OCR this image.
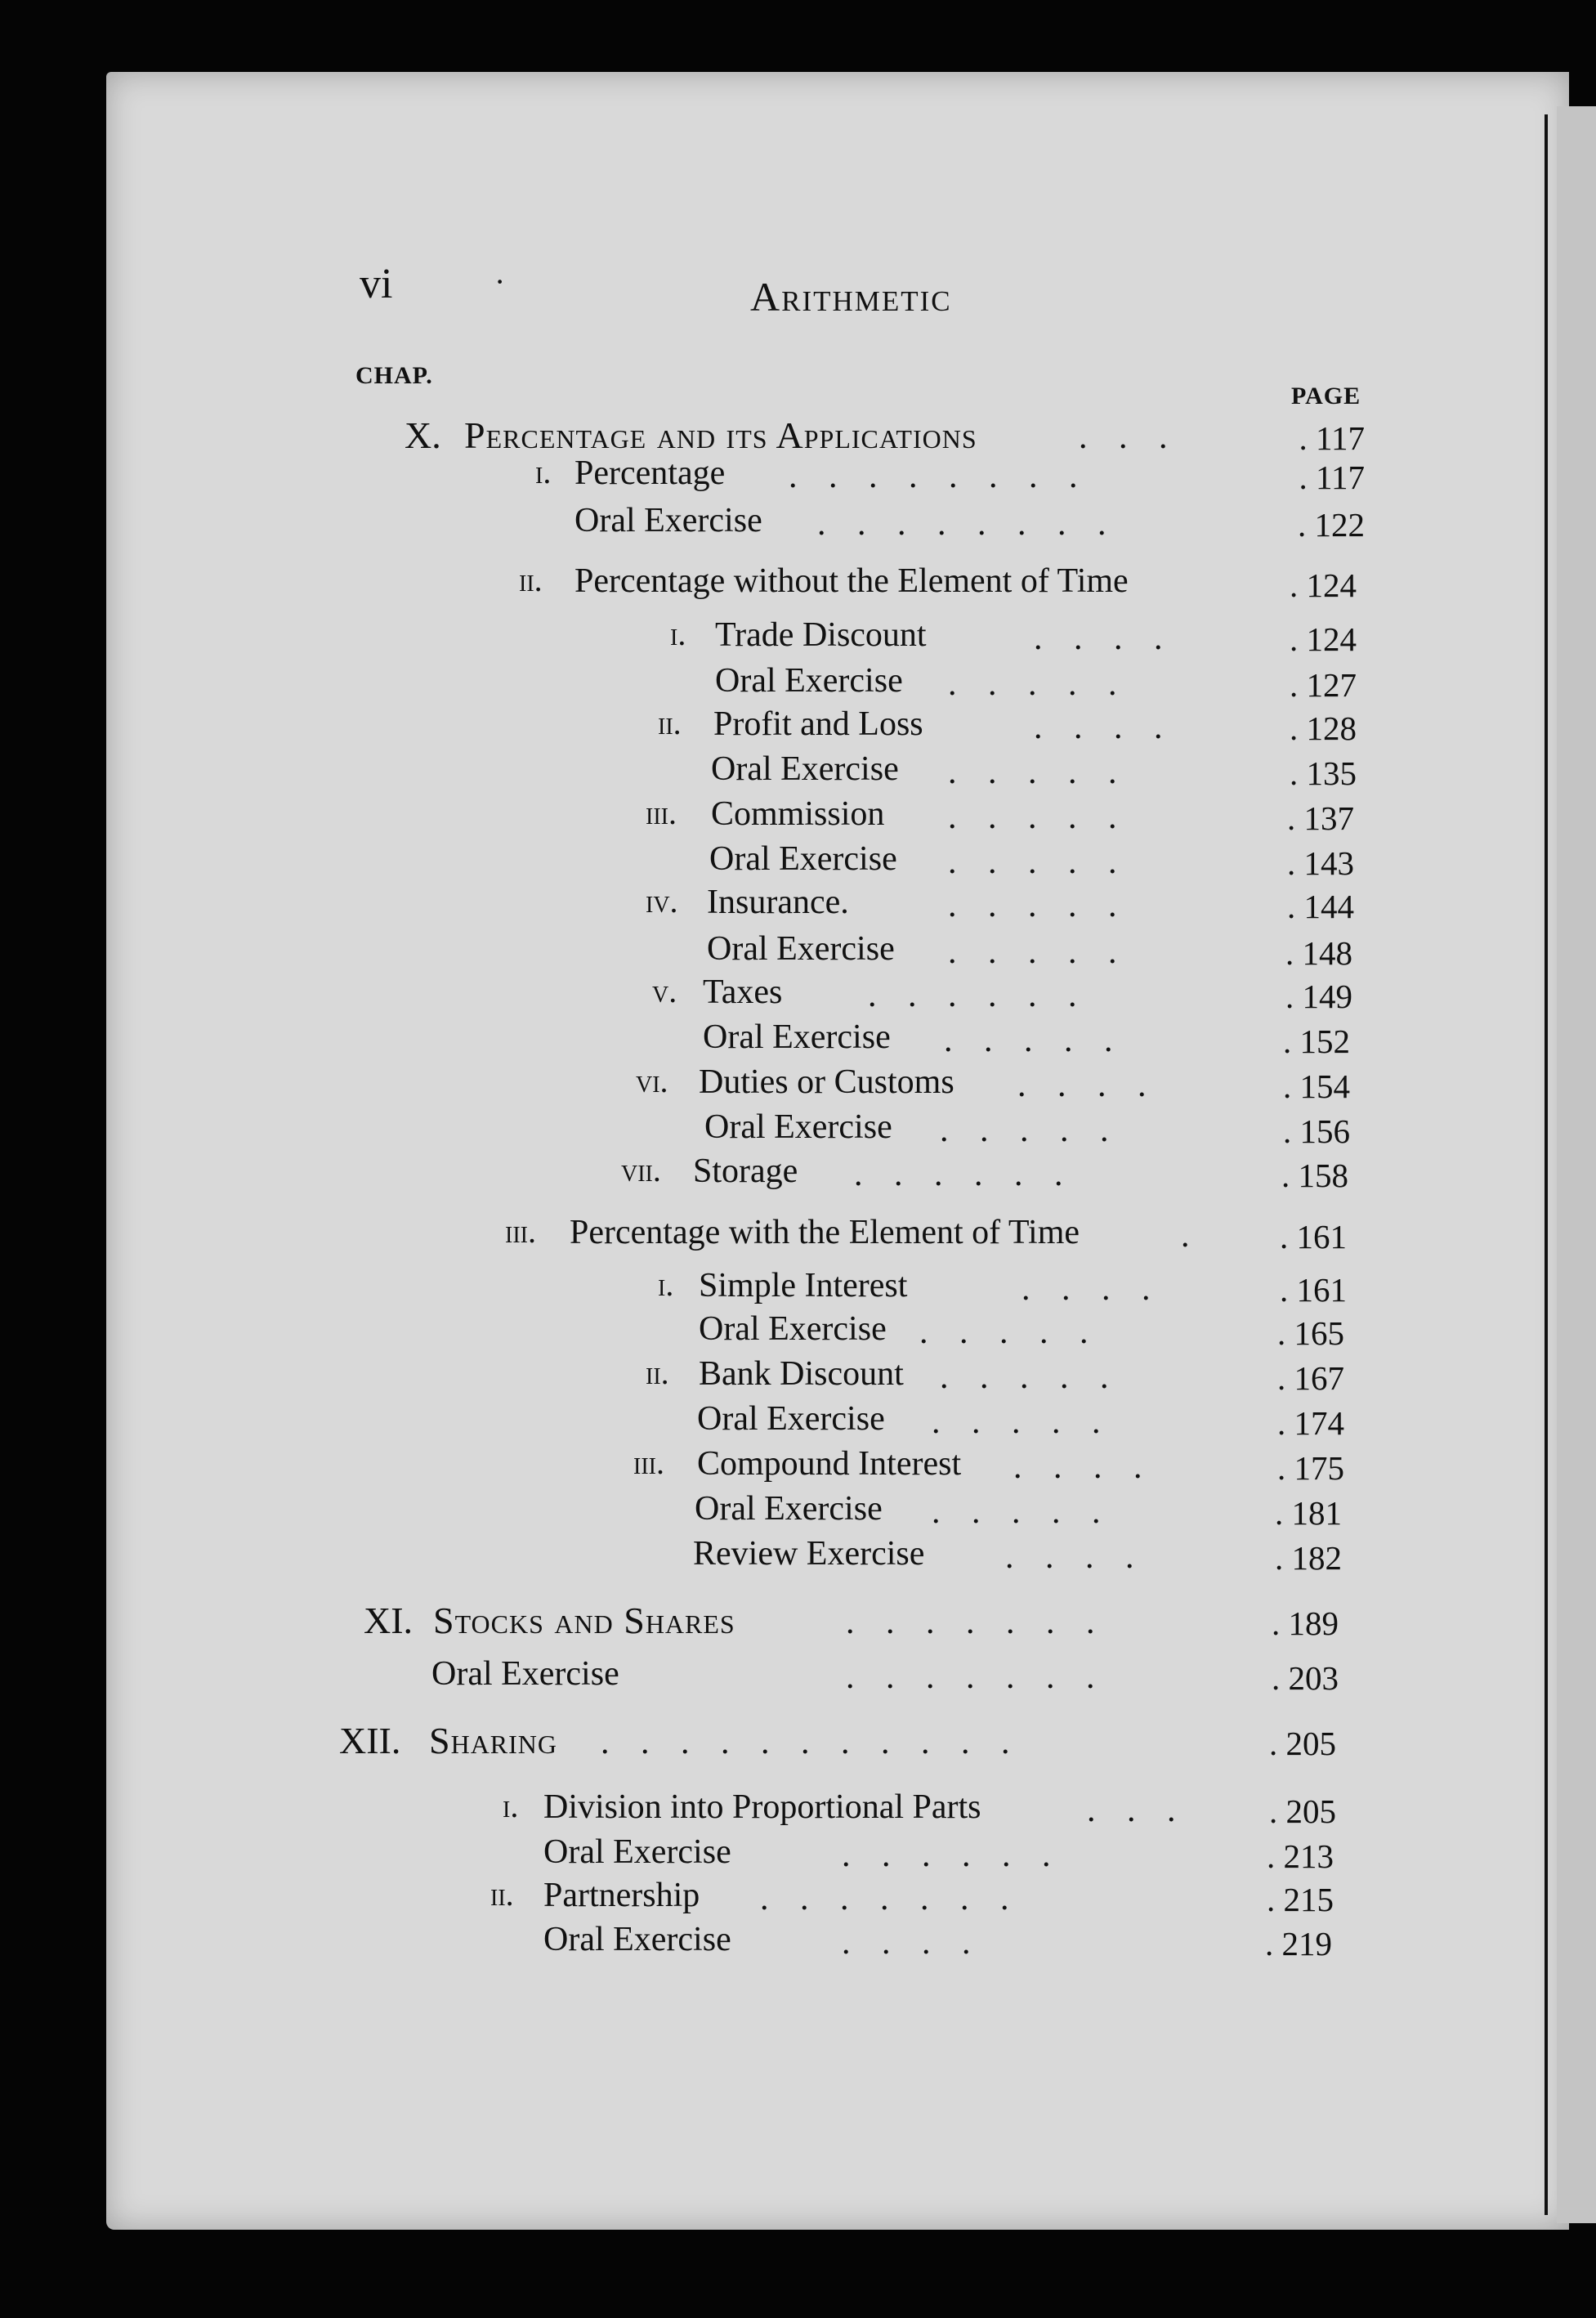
vi	·	Arithmetic
CHAP.
PAGE
X. Percentage and its Applications	. . .	. 117
i. Percentage . . . . . . . .	. 117
Oral Exercise . . . . . . . .	. 122
ii. Percentage without the Element of Time	. 124
i. Trade Discount	. . . .	. 124
Oral Exercise . . . . .	. 127
ii. Profit and Loss	. . . .	. 128
Oral Exercise . . . . .	. 135
iii. Commission . . . . .	. 137
Oral Exercise . . . . .	. 143
iv. Insurance.	. . . . .	. 144
Oral Exercise . . . . .	. 148
v. Taxes . . . . . .	. 149
Oral Exercise . . . . .	. 152
vi. Duties or Customs . . . .	. 154
Oral Exercise . . . . .	. 156
vii. Storage . . . . . .	. 158
iii. Percentage with the Element of Time	.	. 161
i. Simple Interest	. . . .	. 161
Oral Exercise . . . . .	. 165
ii. Bank Discount . . . . .	. 167
Oral Exercise . . . . .	. 174
iii. Compound Interest . . . .	. 175
Oral Exercise . . . . .	. 181
Review Exercise . . . .	. 182
XI. Stocks and Shares	. . . . . . .	. 189
Oral Exercise	. . . . . . .	. 203
XII. Sharing . . . . . . . . . . .	. 205
i. Division into Proportional Parts	. . .	. 205
Oral Exercise	. . . . . .	. 213
ii. Partnership . . . . . . .	. 215
Oral Exercise	. . . .	. 219
